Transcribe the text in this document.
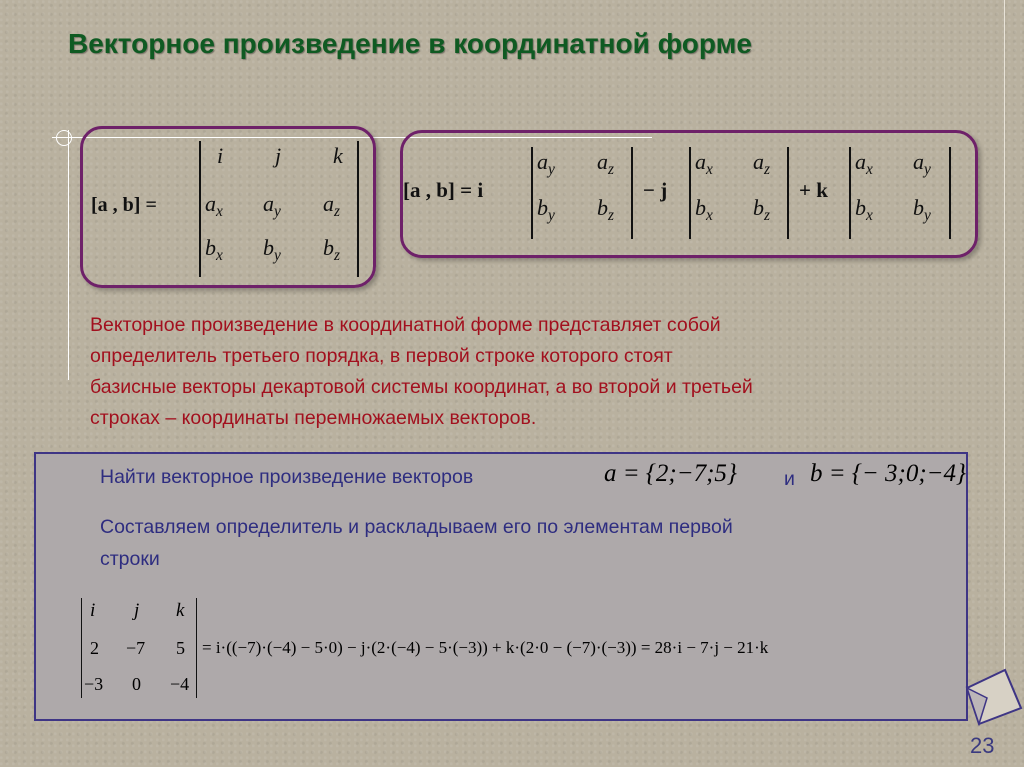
Векторное произведение в координатной форме
[a , b] =
i j k
$a_x$ $a_y$ $a_z$
$b_x$ $b_y$ $b_z$
[a , b] = i
$a_y$ $a_z$
$b_y$ $b_z$
− j
$a_x$ $a_z$
$b_x$ $b_z$
+ k
$a_x$ $a_y$
$b_x$ $b_y$
Векторное произведение в координатной форме представляет собой
определитель третьего порядка, в первой строке которого стоят
базисные векторы декартовой системы координат, а во второй и третьей
строках – координаты перемножаемых векторов.
Найти векторное произведение векторов	a = {2;−7;5} и b = {− 3;0;−4}
Составляем определитель и раскладываем его по элементам первой
строки
i j k
2 −7 5
−3 0 −4
= i·((−7)·(−4) − 5·0) − j·(2·(−4) − 5·(−3)) + k·(2·0 − (−7)·(−3)) = 28·i − 7·j − 21·k
23
